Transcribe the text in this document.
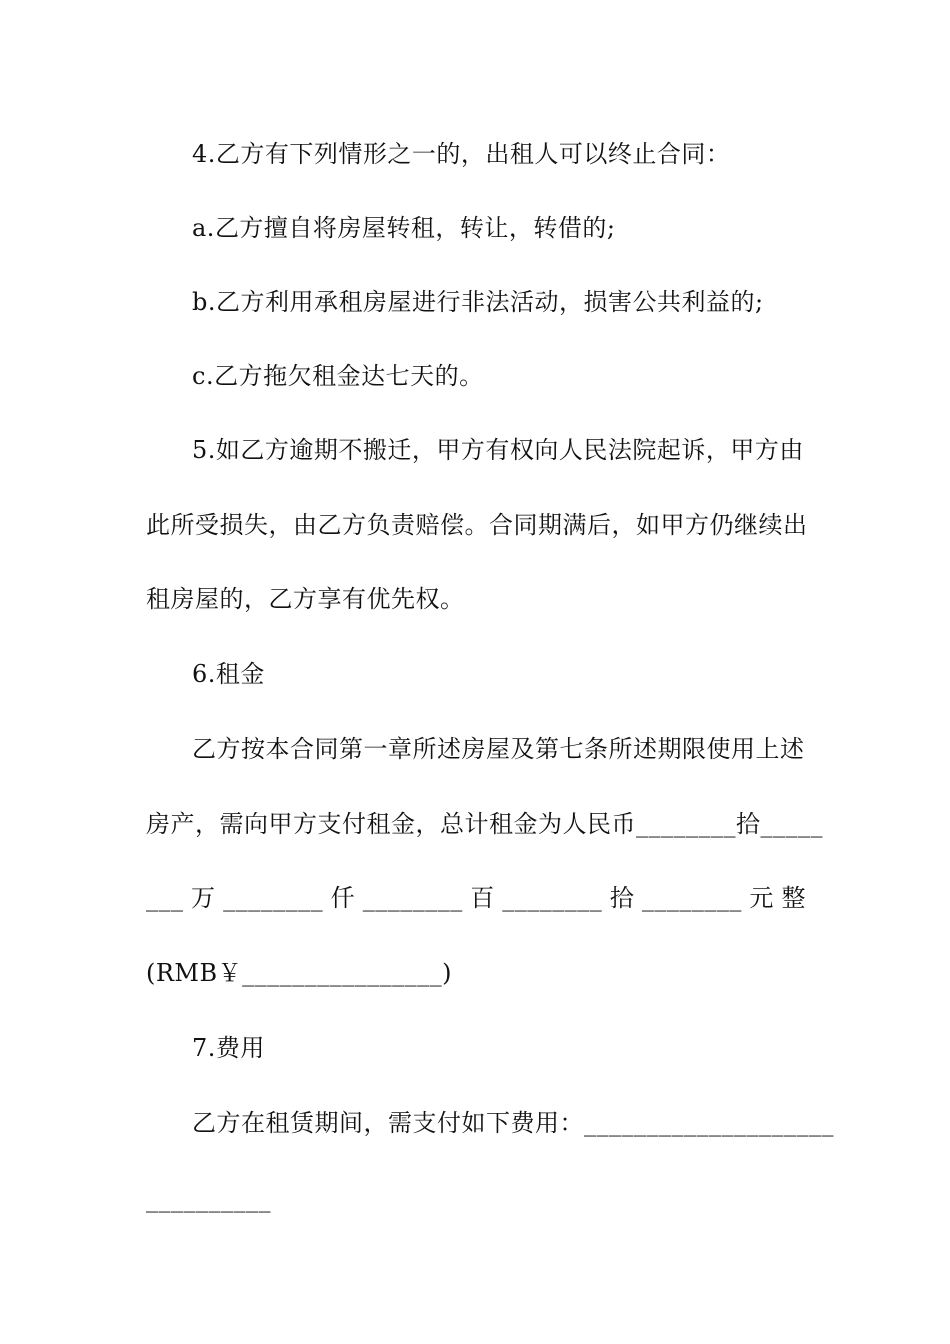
4.乙方有下列情形之一的，出租人可以终止合同：
a.乙方擅自将房屋转租，转让，转借的;
b.乙方利用承租房屋进行非法活动，损害公共利益的;
c.乙方拖欠租金达七天的。
5.如乙方逾期不搬迁，甲方有权向人民法院起诉，甲方由
此所受损失，由乙方负责赔偿。合同期满后，如甲方仍继续出
租房屋的，乙方享有优先权。
6.租金
乙方按本合同第一章所述房屋及第七条所述期限使用上述
房产，需向甲方支付租金，总计租金为人民币________拾_____
___ 万 ________ 仟 ________ 百 ________ 拾 ________ 元 整
(RMB￥________________)
7.费用
乙方在租赁期间，需支付如下费用：____________________
__________
